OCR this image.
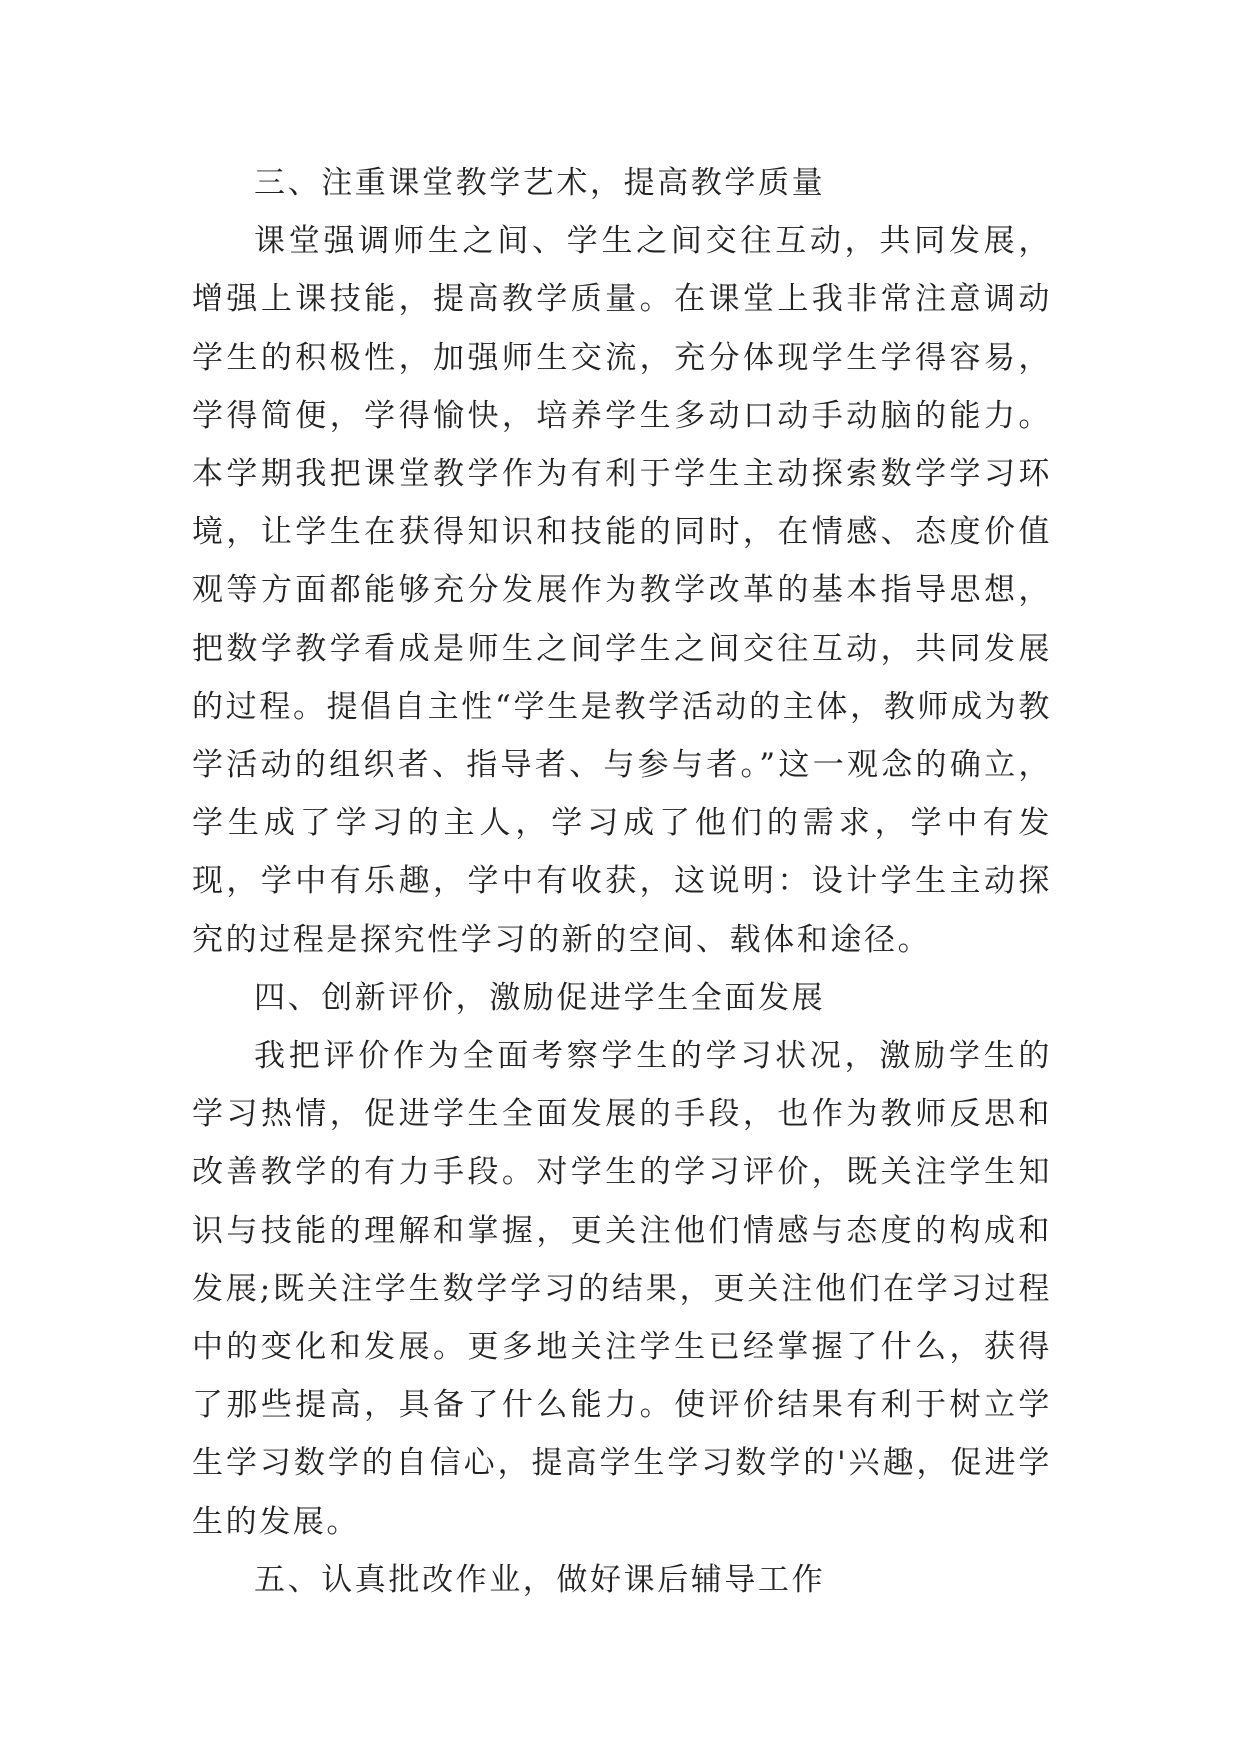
三、注重课堂教学艺术，提高教学质量

课堂强调师生之间、学生之间交往互动，共同发展，增强上课技能，提高教学质量。在课堂上我非常注意调动学生的积极性，加强师生交流，充分体现学生学得容易，学得简便，学得愉快，培养学生多动口动手动脑的能力。本学期我把课堂教学作为有利于学生主动探索数学学习环境，让学生在获得知识和技能的同时，在情感、态度价值观等方面都能够充分发展作为教学改革的基本指导思想，把数学教学看成是师生之间学生之间交往互动，共同发展的过程。提倡自主性“学生是教学活动的主体，教师成为教学活动的组织者、指导者、与参与者。”这一观念的确立，学生成了学习的主人，学习成了他们的需求，学中有发现，学中有乐趣，学中有收获，这说明：设计学生主动探究的过程是探究性学习的新的空间、载体和途径。

四、创新评价，激励促进学生全面发展

我把评价作为全面考察学生的学习状况，激励学生的学习热情，促进学生全面发展的手段，也作为教师反思和改善教学的有力手段。对学生的学习评价，既关注学生知识与技能的理解和掌握，更关注他们情感与态度的构成和发展;既关注学生数学学习的结果，更关注他们在学习过程中的变化和发展。更多地关注学生已经掌握了什么，获得了那些提高，具备了什么能力。使评价结果有利于树立学生学习数学的自信心，提高学生学习数学的'兴趣，促进学生的发展。

五、认真批改作业，做好课后辅导工作
